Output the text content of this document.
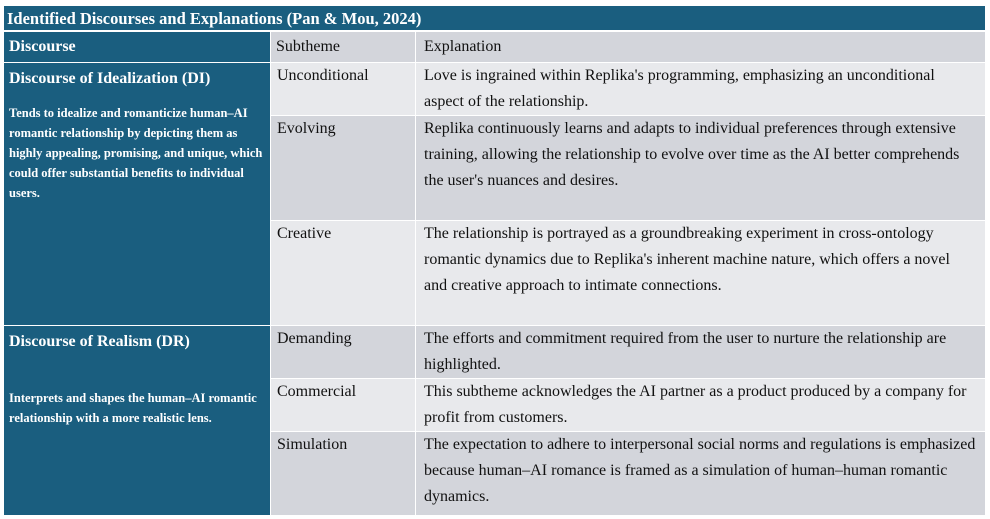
Identified Discourses and Explanations (Pan & Mou, 2024)
Discourse	Subtheme	Explanation
Discourse of Idealization (DI)
Tends to idealize and romanticize human–AI romantic relationship by depicting them as highly appealing, promising, and unique, which could offer substantial benefits to individual users.
Unconditional	Love is ingrained within Replika's programming, emphasizing an unconditional aspect of the relationship.
Evolving	Replika continuously learns and adapts to individual preferences through extensive training, allowing the relationship to evolve over time as the AI better comprehends the user's nuances and desires.
Creative	The relationship is portrayed as a groundbreaking experiment in cross-ontology romantic dynamics due to Replika's inherent machine nature, which offers a novel and creative approach to intimate connections.
Discourse of Realism (DR)
Interprets and shapes the human–AI romantic relationship with a more realistic lens.
Demanding	The efforts and commitment required from the user to nurture the relationship are highlighted.
Commercial	This subtheme acknowledges the AI partner as a product produced by a company for profit from customers.
Simulation	The expectation to adhere to interpersonal social norms and regulations is emphasized because human–AI romance is framed as a simulation of human–human romantic dynamics.
